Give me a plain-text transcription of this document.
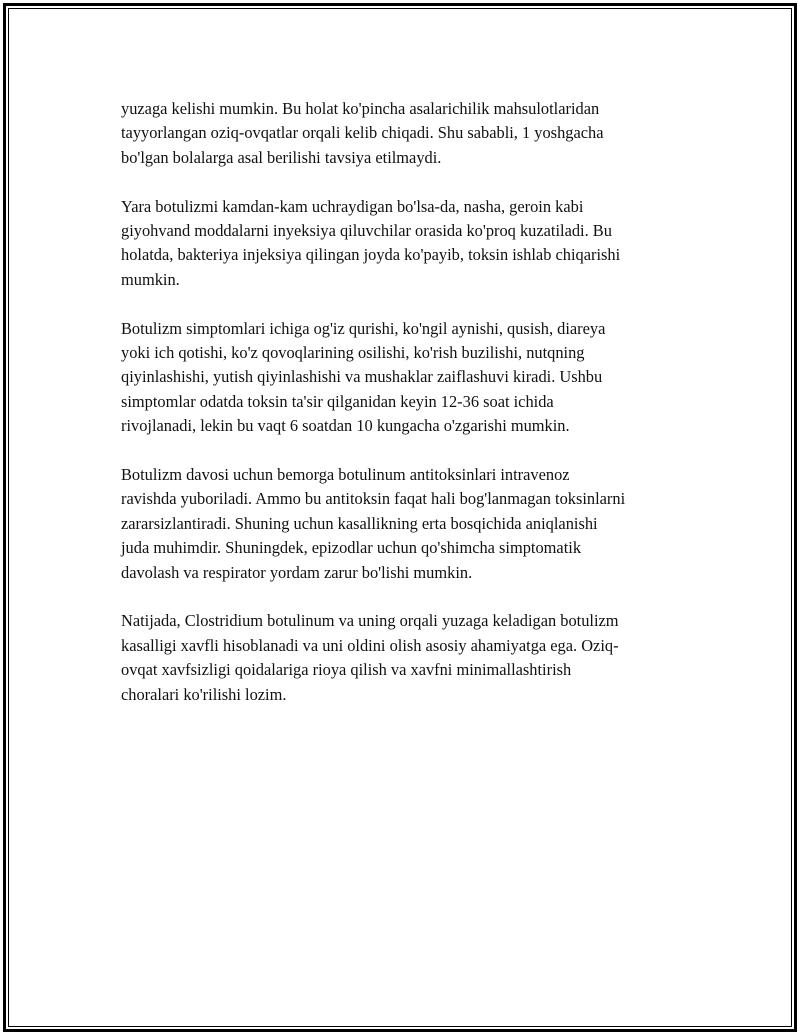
yuzaga kelishi mumkin. Bu holat ko'pincha asalarichilik mahsulotlaridan
tayyorlangan oziq-ovqatlar orqali kelib chiqadi. Shu sababli, 1 yoshgacha
bo'lgan bolalarga asal berilishi tavsiya etilmaydi.

Yara botulizmi kamdan-kam uchraydigan bo'lsa-da, nasha, geroin kabi
giyohvand moddalarni inyeksiya qiluvchilar orasida ko'proq kuzatiladi. Bu
holatda, bakteriya injeksiya qilingan joyda ko'payib, toksin ishlab chiqarishi
mumkin.

Botulizm simptomlari ichiga og'iz qurishi, ko'ngil aynishi, qusish, diareya
yoki ich qotishi, ko'z qovoqlarining osilishi, ko'rish buzilishi, nutqning
qiyinlashishi, yutish qiyinlashishi va mushaklar zaiflashuvi kiradi. Ushbu
simptomlar odatda toksin ta'sir qilganidan keyin 12-36 soat ichida
rivojlanadi, lekin bu vaqt 6 soatdan 10 kungacha o'zgarishi mumkin.

Botulizm davosi uchun bemorga botulinum antitoksinlari intravenoz
ravishda yuboriladi. Ammo bu antitoksin faqat hali bog'lanmagan toksinlarni
zararsizlantiradi. Shuning uchun kasallikning erta bosqichida aniqlanishi
juda muhimdir. Shuningdek, epizodlar uchun qo'shimcha simptomatik
davolash va respirator yordam zarur bo'lishi mumkin.

Natijada, Clostridium botulinum va uning orqali yuzaga keladigan botulizm
kasalligi xavfli hisoblanadi va uni oldini olish asosiy ahamiyatga ega. Oziq-
ovqat xavfsizligi qoidalariga rioya qilish va xavfni minimallashtirish
choralari ko'rilishi lozim.
